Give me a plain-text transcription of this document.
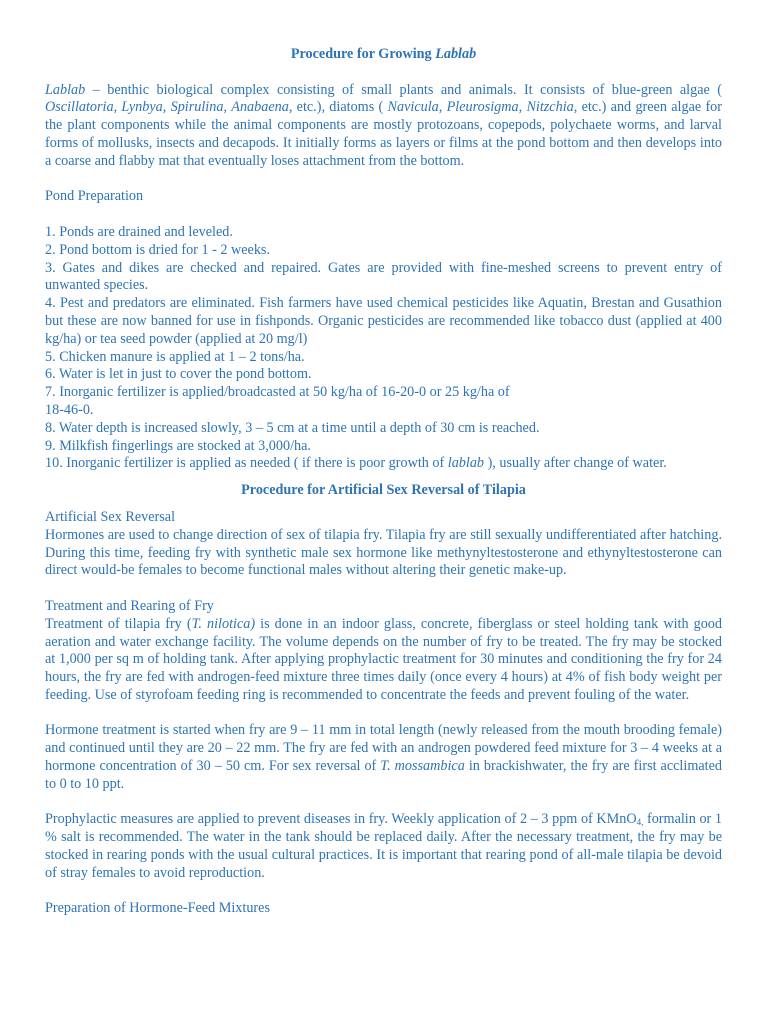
Procedure for Growing Lablab

Lablab – benthic biological complex consisting of small plants and animals. It consists of blue-green algae ( Oscillatoria, Lynbya, Spirulina, Anabaena, etc.), diatoms ( Navicula, Pleurosigma, Nitzchia, etc.) and green algae for the plant components while the animal components are mostly protozoans, copepods, polychaete worms, and larval forms of mollusks, insects and decapods. It initially forms as layers or films at the pond bottom and then develops into a coarse and flabby mat that eventually loses attachment from the bottom.

Pond Preparation

1. Ponds are drained and leveled.
2. Pond bottom is dried for 1 - 2 weeks.
3. Gates and dikes are checked and repaired. Gates are provided with fine-meshed screens to prevent entry of unwanted species.
4. Pest and predators are eliminated. Fish farmers have used chemical pesticides like Aquatin, Brestan and Gusathion but these are now banned for use in fishponds. Organic pesticides are recommended like tobacco dust (applied at 400 kg/ha) or tea seed powder (applied at 20 mg/l)
5. Chicken manure is applied at 1 – 2 tons/ha.
6. Water is let in just to cover the pond bottom.
7. Inorganic fertilizer is applied/broadcasted at 50 kg/ha of 16-20-0 or 25 kg/ha of
18-46-0.
8. Water depth is increased slowly, 3 – 5 cm at a time until a depth of 30 cm is reached.
9. Milkfish fingerlings are stocked at 3,000/ha.
10. Inorganic fertilizer is applied as needed ( if there is poor growth of lablab ), usually after change of water.

Procedure for Artificial Sex Reversal of Tilapia

Artificial Sex Reversal

Hormones are used to change direction of sex of tilapia fry. Tilapia fry are still sexually undifferentiated after hatching. During this time, feeding fry with synthetic male sex hormone like methynyltestosterone and ethynyltestosterone can direct would-be females to become functional males without altering their genetic make-up.

Treatment and Rearing of Fry

Treatment of tilapia fry (T. nilotica) is done in an indoor glass, concrete, fiberglass or steel holding tank with good aeration and water exchange facility. The volume depends on the number of fry to be treated. The fry may be stocked at 1,000 per sq m of holding tank. After applying prophylactic treatment for 30 minutes and conditioning the fry for 24 hours, the fry are fed with androgen-feed mixture three times daily (once every 4 hours) at 4% of fish body weight per feeding. Use of styrofoam feeding ring is recommended to concentrate the feeds and prevent fouling of the water.

Hormone treatment is started when fry are 9 – 11 mm in total length (newly released from the mouth brooding female) and continued until they are 20 – 22 mm. The fry are fed with an androgen powdered feed mixture for 3 – 4 weeks at a hormone concentration of 30 – 50 cm. For sex reversal of T. mossambica in brackishwater, the fry are first acclimated to 0 to 10 ppt.

Prophylactic measures are applied to prevent diseases in fry. Weekly application of 2 – 3 ppm of KMnO$_{4,}$ formalin or 1 % salt is recommended. The water in the tank should be replaced daily. After the necessary treatment, the fry may be stocked in rearing ponds with the usual cultural practices. It is important that rearing pond of all-male tilapia be devoid of stray females to avoid reproduction.

Preparation of Hormone-Feed Mixtures
